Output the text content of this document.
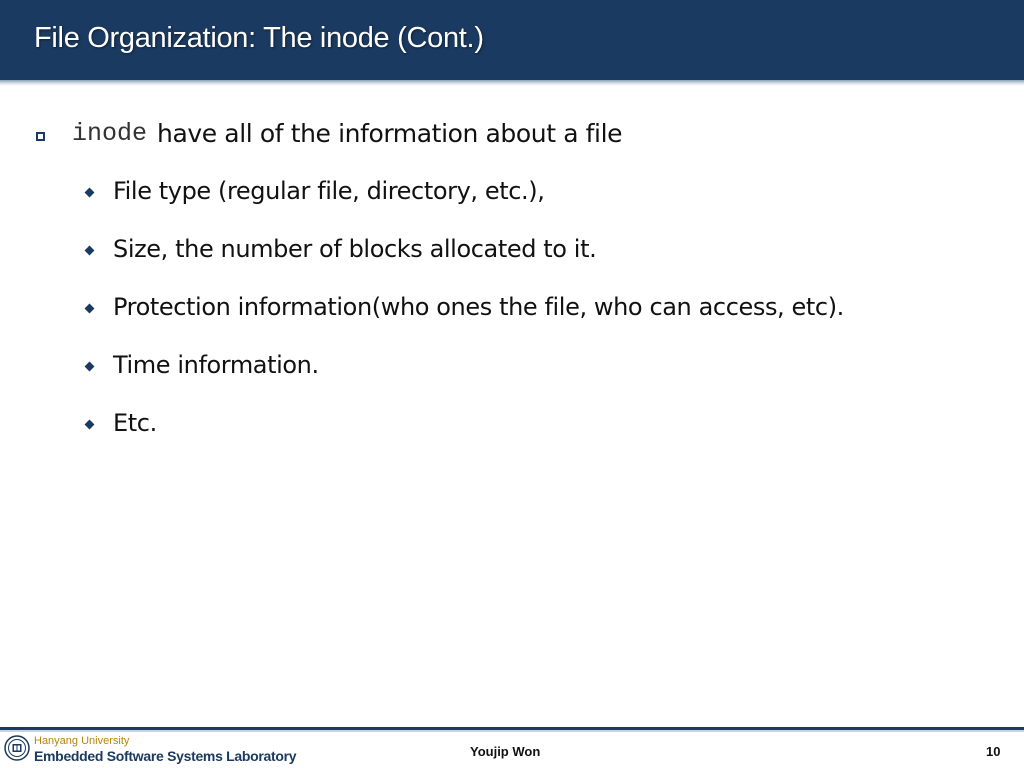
File Organization: The inode (Cont.)
inode have all of the information about a file
File type (regular file, directory, etc.),
Size, the number of blocks allocated to it.
Protection information(who ones the file, who can access, etc).
Time information.
Etc.
Hanyang University
Embedded Software Systems Laboratory	Youjip Won	10
